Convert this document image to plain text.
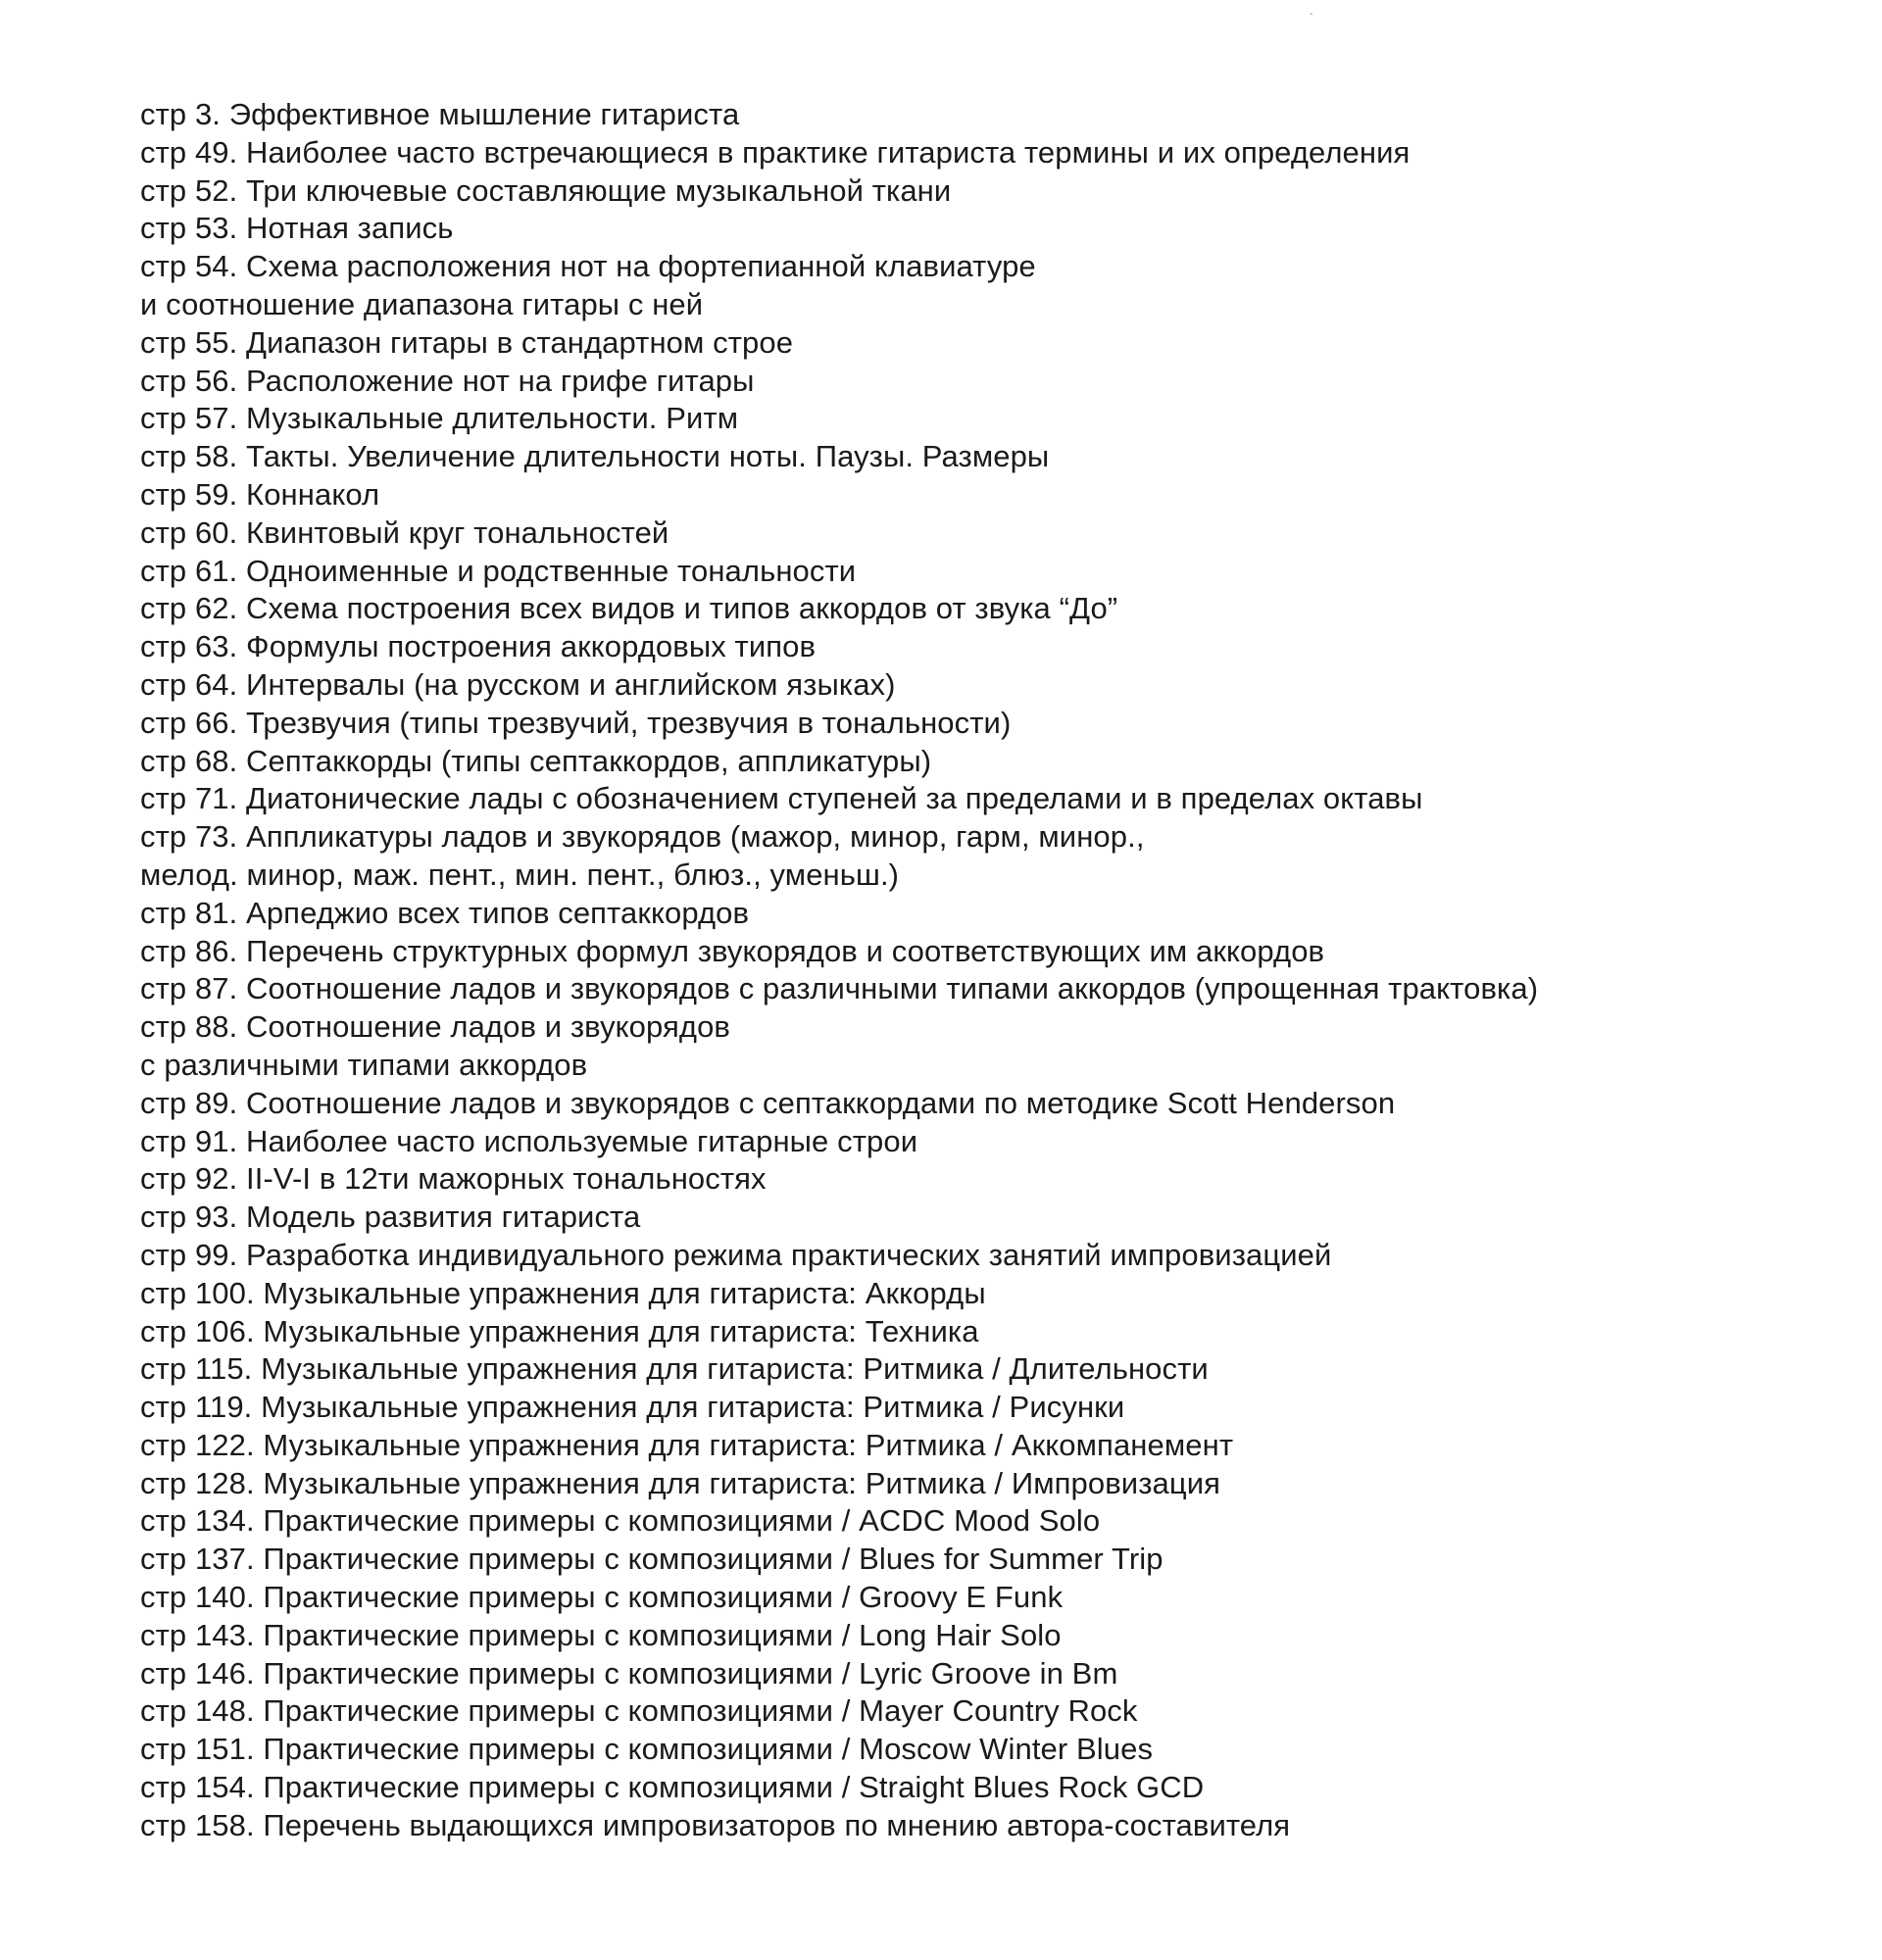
-
стр 3. Эффективное мышление гитариста
стр 49. Наиболее часто встречающиеся в практике гитариста термины и их определения
стр 52. Три ключевые составляющие музыкальной ткани
стр 53. Нотная запись
стр 54. Схема расположения нот на фортепианной клавиатуре
и соотношение диапазона гитары с ней
стр 55. Диапазон гитары в стандартном строе
стр 56. Расположение нот на грифе гитары
стр 57. Музыкальные длительности. Ритм
стр 58. Такты. Увеличение длительности ноты. Паузы. Размеры
стр 59. Коннакол
стр 60. Квинтовый круг тональностей
стр 61. Одноименные и родственные тональности
стр 62. Схема построения всех видов и типов аккордов от звука “До”
стр 63. Формулы построения аккордовых типов
стр 64. Интервалы (на русском и английском языках)
стр 66. Трезвучия (типы трезвучий, трезвучия в тональности)
стр 68. Септаккорды (типы септаккордов, аппликатуры)
стр 71. Диатонические лады с обозначением ступеней за пределами и в пределах октавы
стр 73. Аппликатуры ладов и звукорядов (мажор, минор, гарм, минор.,
мелод. минор, маж. пент., мин. пент., блюз., уменьш.)
стр 81. Арпеджио всех типов септаккордов
стр 86. Перечень структурных формул звукорядов и соответствующих им аккордов
стр 87. Соотношение ладов и звукорядов с различными типами аккордов (упрощенная трактовка)
стр 88. Соотношение ладов и звукорядов
с различными типами аккордов
стр 89. Соотношение ладов и звукорядов с септаккордами по методике Scott Henderson
стр 91. Наиболее часто используемые гитарные строи
стр 92. II-V-I в 12ти мажорных тональностях
стр 93. Модель развития гитариста
стр 99. Разработка индивидуального режима практических занятий импровизацией
стр 100. Музыкальные упражнения для гитариста: Аккорды
стр 106. Музыкальные упражнения для гитариста: Техника
стр 115. Музыкальные упражнения для гитариста: Ритмика / Длительности
стр 119. Музыкальные упражнения для гитариста: Ритмика / Рисунки
стр 122. Музыкальные упражнения для гитариста: Ритмика / Аккомпанемент
стр 128. Музыкальные упражнения для гитариста: Ритмика / Импровизация
стр 134. Практические примеры с композициями / ACDC Mood Solo
стр 137. Практические примеры с композициями / Blues for Summer Trip
стр 140. Практические примеры с композициями / Groovy E Funk
стр 143. Практические примеры с композициями / Long Hair Solo
стр 146. Практические примеры с композициями / Lyric Groove in Bm
стр 148. Практические примеры с композициями / Mayer Country Rock
стр 151. Практические примеры с композициями / Moscow Winter Blues
стр 154. Практические примеры с композициями / Straight Blues Rock GCD
стр 158. Перечень выдающихся импровизаторов по мнению автора-составителя
